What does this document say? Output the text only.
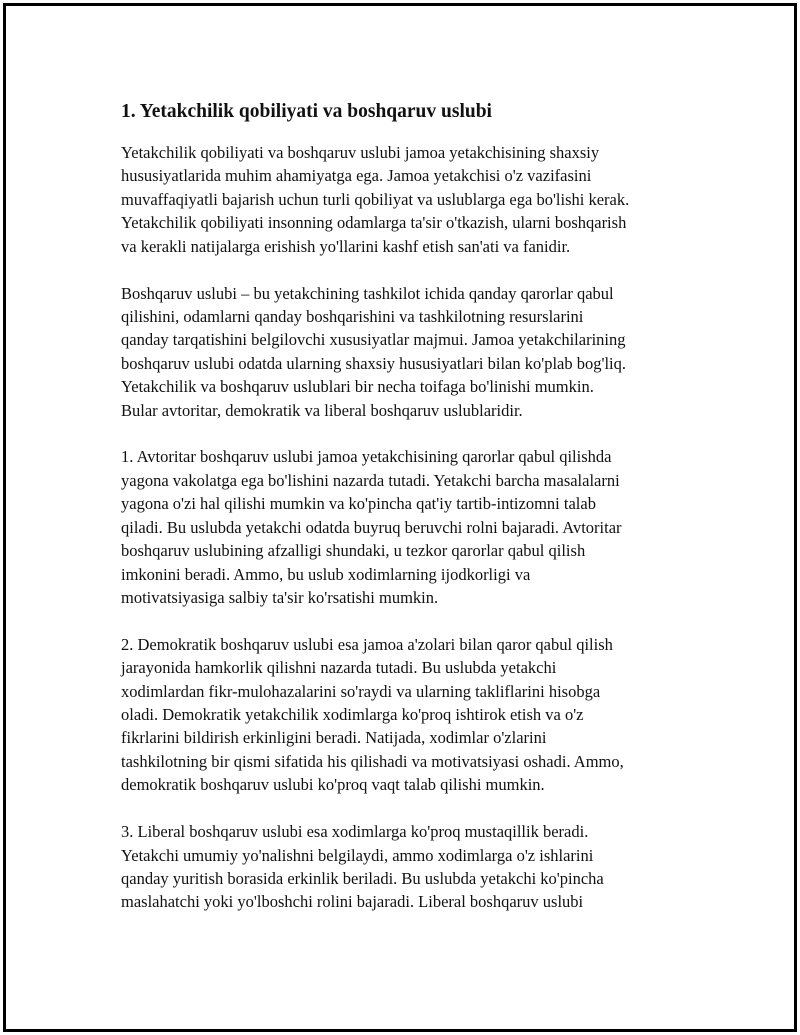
1. Yetakchilik qobiliyati va boshqaruv uslubi

Yetakchilik qobiliyati va boshqaruv uslubi jamoa yetakchisining shaxsiy
hususiyatlarida muhim ahamiyatga ega. Jamoa yetakchisi o'z vazifasini
muvaffaqiyatli bajarish uchun turli qobiliyat va uslublarga ega bo'lishi kerak.
Yetakchilik qobiliyati insonning odamlarga ta'sir o'tkazish, ularni boshqarish
va kerakli natijalarga erishish yo'llarini kashf etish san'ati va fanidir.

Boshqaruv uslubi – bu yetakchining tashkilot ichida qanday qarorlar qabul
qilishini, odamlarni qanday boshqarishini va tashkilotning resurslarini
qanday tarqatishini belgilovchi xususiyatlar majmui. Jamoa yetakchilarining
boshqaruv uslubi odatda ularning shaxsiy hususiyatlari bilan ko'plab bog'liq.
Yetakchilik va boshqaruv uslublari bir necha toifaga bo'linishi mumkin.
Bular avtoritar, demokratik va liberal boshqaruv uslublaridir.

1. Avtoritar boshqaruv uslubi jamoa yetakchisining qarorlar qabul qilishda
yagona vakolatga ega bo'lishini nazarda tutadi. Yetakchi barcha masalalarni
yagona o'zi hal qilishi mumkin va ko'pincha qat'iy tartib-intizomni talab
qiladi. Bu uslubda yetakchi odatda buyruq beruvchi rolni bajaradi. Avtoritar
boshqaruv uslubining afzalligi shundaki, u tezkor qarorlar qabul qilish
imkonini beradi. Ammo, bu uslub xodimlarning ijodkorligi va
motivatsiyasiga salbiy ta'sir ko'rsatishi mumkin.

2. Demokratik boshqaruv uslubi esa jamoa a'zolari bilan qaror qabul qilish
jarayonida hamkorlik qilishni nazarda tutadi. Bu uslubda yetakchi
xodimlardan fikr-mulohazalarini so'raydi va ularning takliflarini hisobga
oladi. Demokratik yetakchilik xodimlarga ko'proq ishtirok etish va o'z
fikrlarini bildirish erkinligini beradi. Natijada, xodimlar o'zlarini
tashkilotning bir qismi sifatida his qilishadi va motivatsiyasi oshadi. Ammo,
demokratik boshqaruv uslubi ko'proq vaqt talab qilishi mumkin.

3. Liberal boshqaruv uslubi esa xodimlarga ko'proq mustaqillik beradi.
Yetakchi umumiy yo'nalishni belgilaydi, ammo xodimlarga o'z ishlarini
qanday yuritish borasida erkinlik beriladi. Bu uslubda yetakchi ko'pincha
maslahatchi yoki yo'lboshchi rolini bajaradi. Liberal boshqaruv uslubi
